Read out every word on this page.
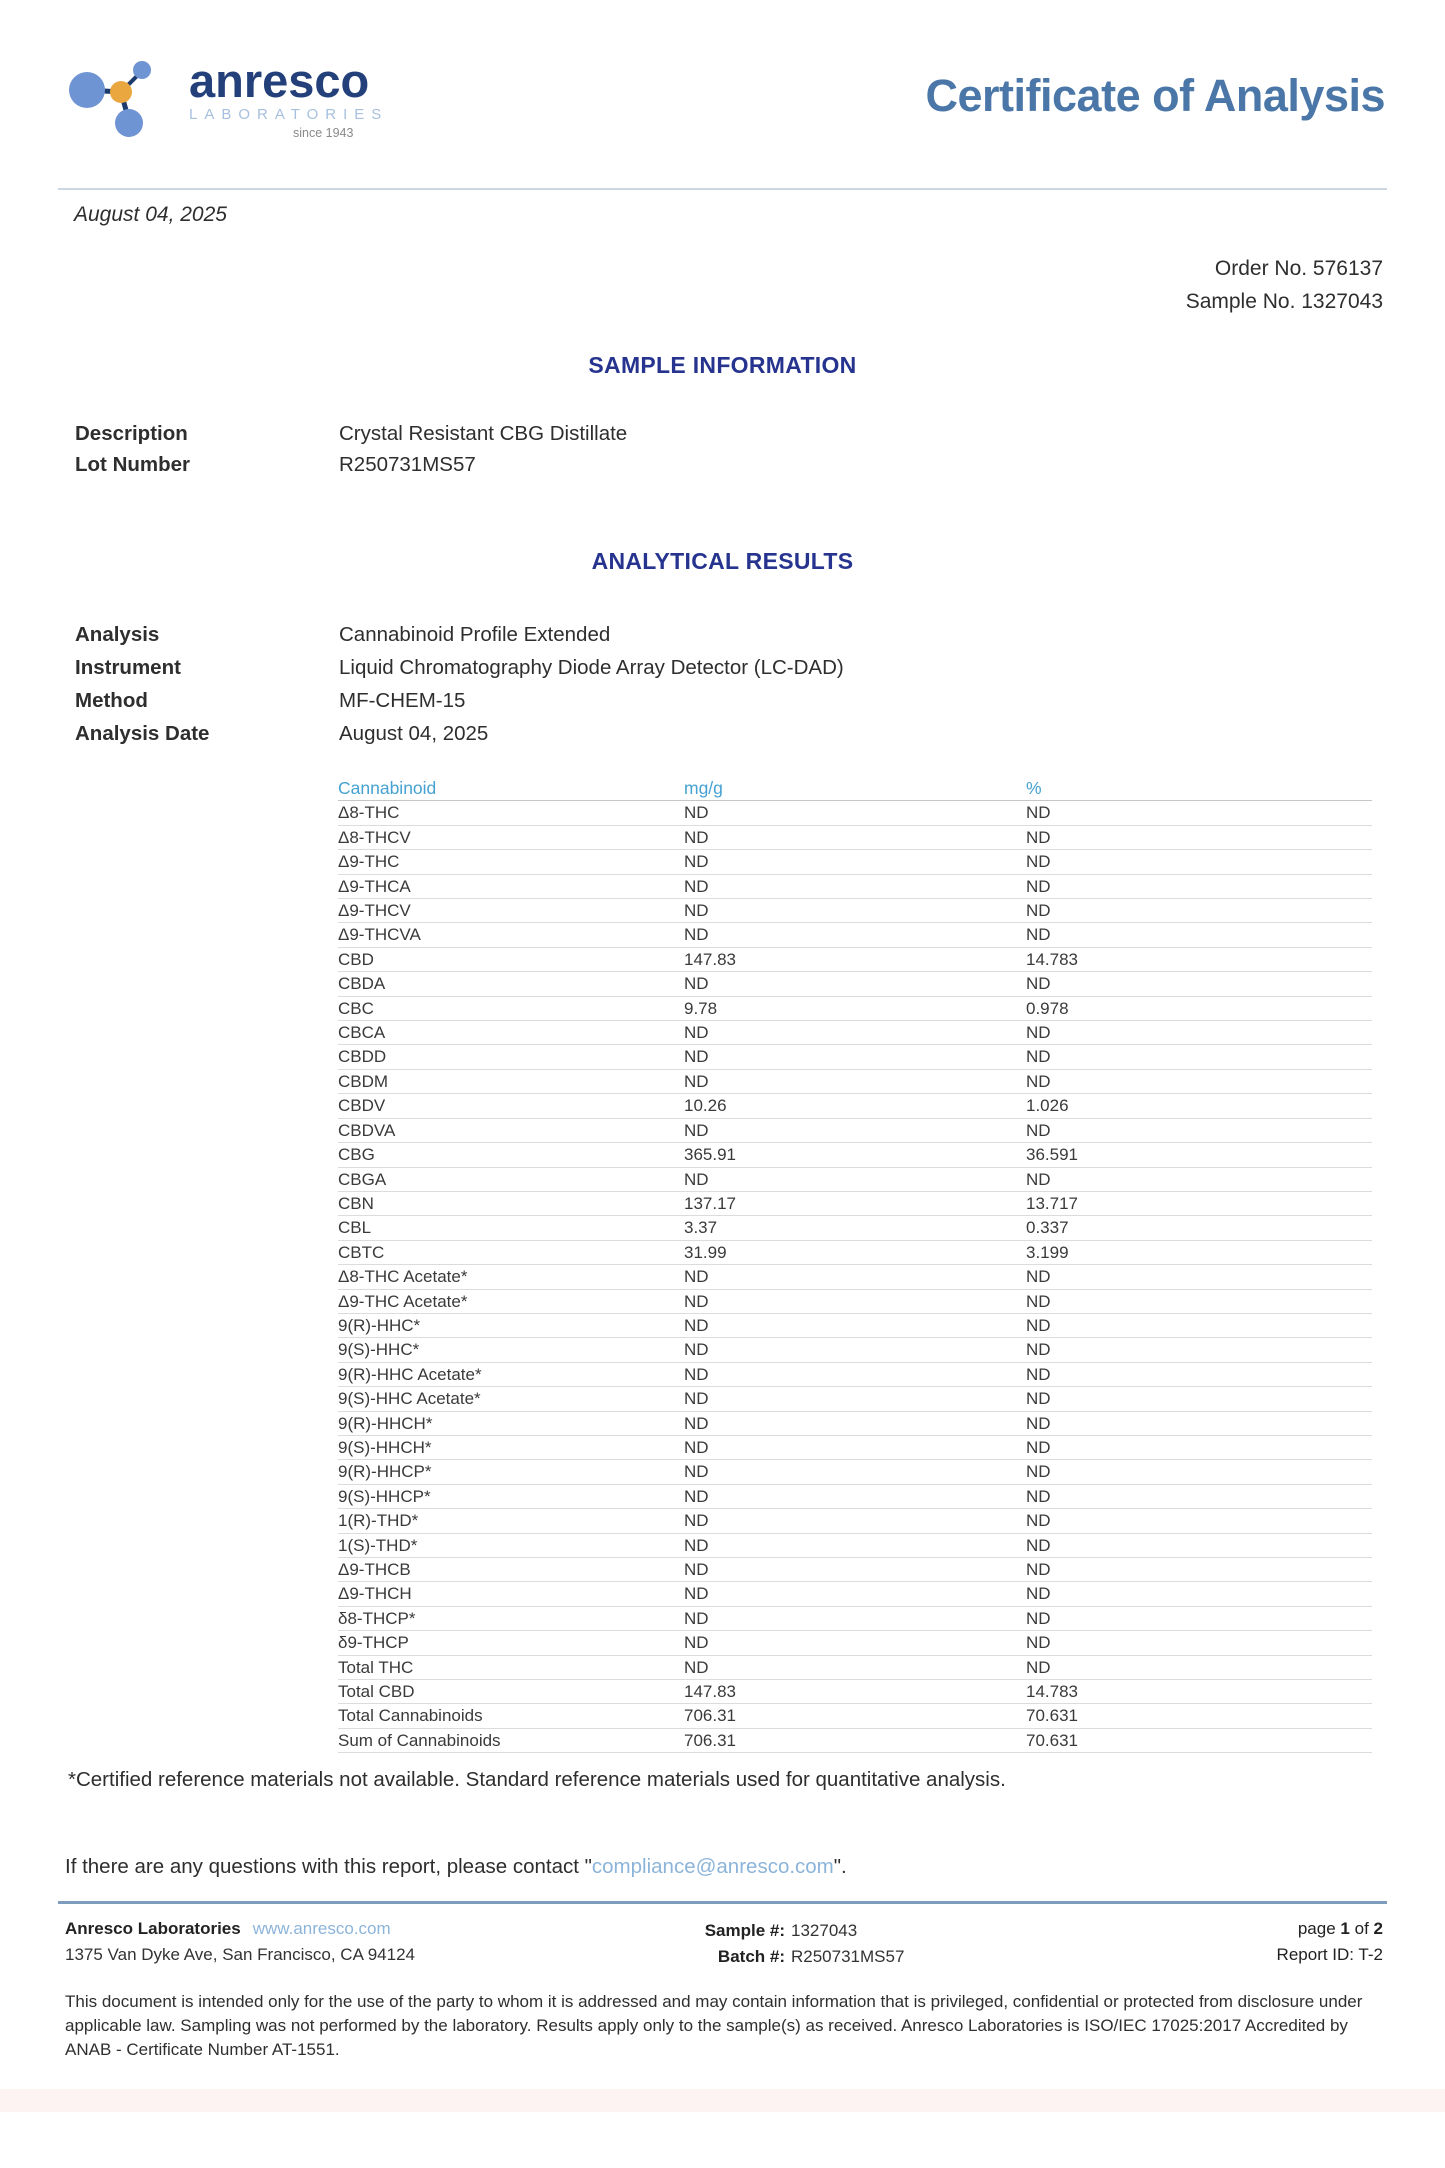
anresco
LABORATORIES
since 1943
Certificate of Analysis
August 04, 2025
Order No. 576137
Sample No. 1327043
SAMPLE INFORMATION
Description	Crystal Resistant CBG Distillate
Lot Number	R250731MS57
ANALYTICAL RESULTS
Analysis	Cannabinoid Profile Extended
Instrument	Liquid Chromatography Diode Array Detector (LC-DAD)
Method	MF-CHEM-15
Analysis Date	August 04, 2025
Cannabinoid	mg/g	%
Δ8-THC	ND	ND
Δ8-THCV	ND	ND
Δ9-THC	ND	ND
Δ9-THCA	ND	ND
Δ9-THCV	ND	ND
Δ9-THCVA	ND	ND
CBD	147.83	14.783
CBDA	ND	ND
CBC	9.78	0.978
CBCA	ND	ND
CBDD	ND	ND
CBDM	ND	ND
CBDV	10.26	1.026
CBDVA	ND	ND
CBG	365.91	36.591
CBGA	ND	ND
CBN	137.17	13.717
CBL	3.37	0.337
CBTC	31.99	3.199
Δ8-THC Acetate*	ND	ND
Δ9-THC Acetate*	ND	ND
9(R)-HHC*	ND	ND
9(S)-HHC*	ND	ND
9(R)-HHC Acetate*	ND	ND
9(S)-HHC Acetate*	ND	ND
9(R)-HHCH*	ND	ND
9(S)-HHCH*	ND	ND
9(R)-HHCP*	ND	ND
9(S)-HHCP*	ND	ND
1(R)-THD*	ND	ND
1(S)-THD*	ND	ND
Δ9-THCB	ND	ND
Δ9-THCH	ND	ND
δ8-THCP*	ND	ND
δ9-THCP	ND	ND
Total THC	ND	ND
Total CBD	147.83	14.783
Total Cannabinoids	706.31	70.631
Sum of Cannabinoids	706.31	70.631
*Certified reference materials not available. Standard reference materials used for quantitative analysis.
If there are any questions with this report, please contact "compliance@anresco.com".
Anresco Laboratories www.anresco.com
1375 Van Dyke Ave, San Francisco, CA 94124
Sample #: 1327043
Batch #: R250731MS57
page 1 of 2
Report ID: T-2
This document is intended only for the use of the party to whom it is addressed and may contain information that is privileged, confidential or protected from disclosure under applicable law. Sampling was not performed by the laboratory. Results apply only to the sample(s) as received. Anresco Laboratories is ISO/IEC 17025:2017 Accredited by ANAB - Certificate Number AT-1551.
